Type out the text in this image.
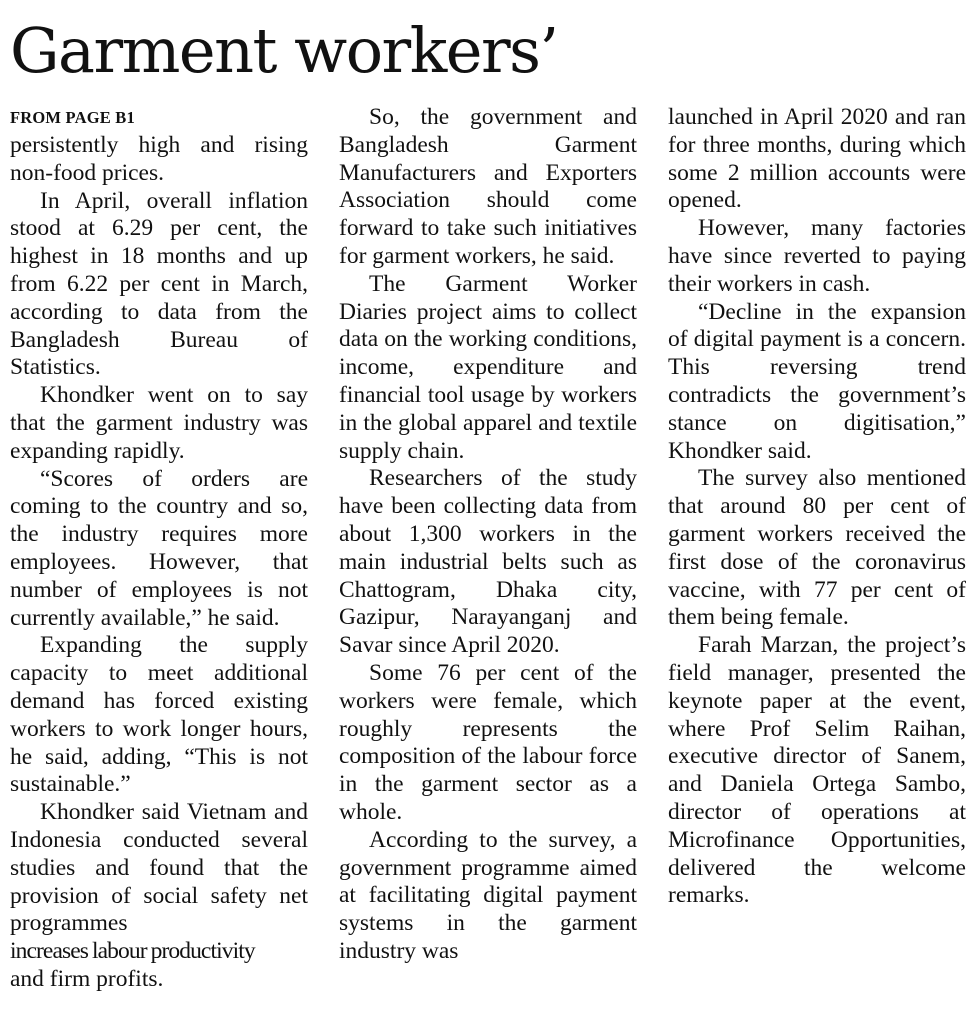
Garment workers’
FROM PAGE B1

persistently high and rising non-food prices.

In April, overall inflation stood at 6.29 per cent, the highest in 18 months and up from 6.22 per cent in March, according to data from the Bangladesh Bureau of Statistics.

Khondker went on to say that the garment industry was expanding rapidly.

“Scores of orders are coming to the country and so, the industry requires more employees. However, that number of employees is not currently available,” he said.

Expanding the supply capacity to meet additional demand has forced existing workers to work longer hours, he said, adding, “This is not sustainable.”

Khondker said Vietnam and Indonesia conducted several studies and found that the provision of social safety net programmes

increases labour productivity

and firm profits.

So, the government and Bangladesh Garment Manufacturers and Exporters Association should come forward to take such initiatives for garment workers, he said.

The Garment Worker Diaries project aims to collect data on the working conditions, income, expenditure and financial tool usage by workers in the global apparel and textile supply chain.

Researchers of the study have been collecting data from about 1,300 workers in the main industrial belts such as Chattogram, Dhaka city, Gazipur, Narayanganj and Savar since April 2020.

Some 76 per cent of the workers were female, which roughly represents the composition of the labour force in the garment sector as a whole.

According to the survey, a government programme aimed at facilitating digital payment systems in the garment industry was

launched in April 2020 and ran for three months, during which some 2 million accounts were opened.

However, many factories have since reverted to paying their workers in cash.

“Decline in the expansion of digital payment is a concern. This reversing trend contradicts the government’s stance on digitisation,” Khondker said.

The survey also mentioned that around 80 per cent of garment workers received the first dose of the coronavirus vaccine, with 77 per cent of them being female.

Farah Marzan, the project’s field manager, presented the keynote paper at the event, where Prof Selim Raihan, executive director of Sanem, and Daniela Ortega Sambo, director of operations at Microfinance Opportunities, delivered the welcome remarks.
